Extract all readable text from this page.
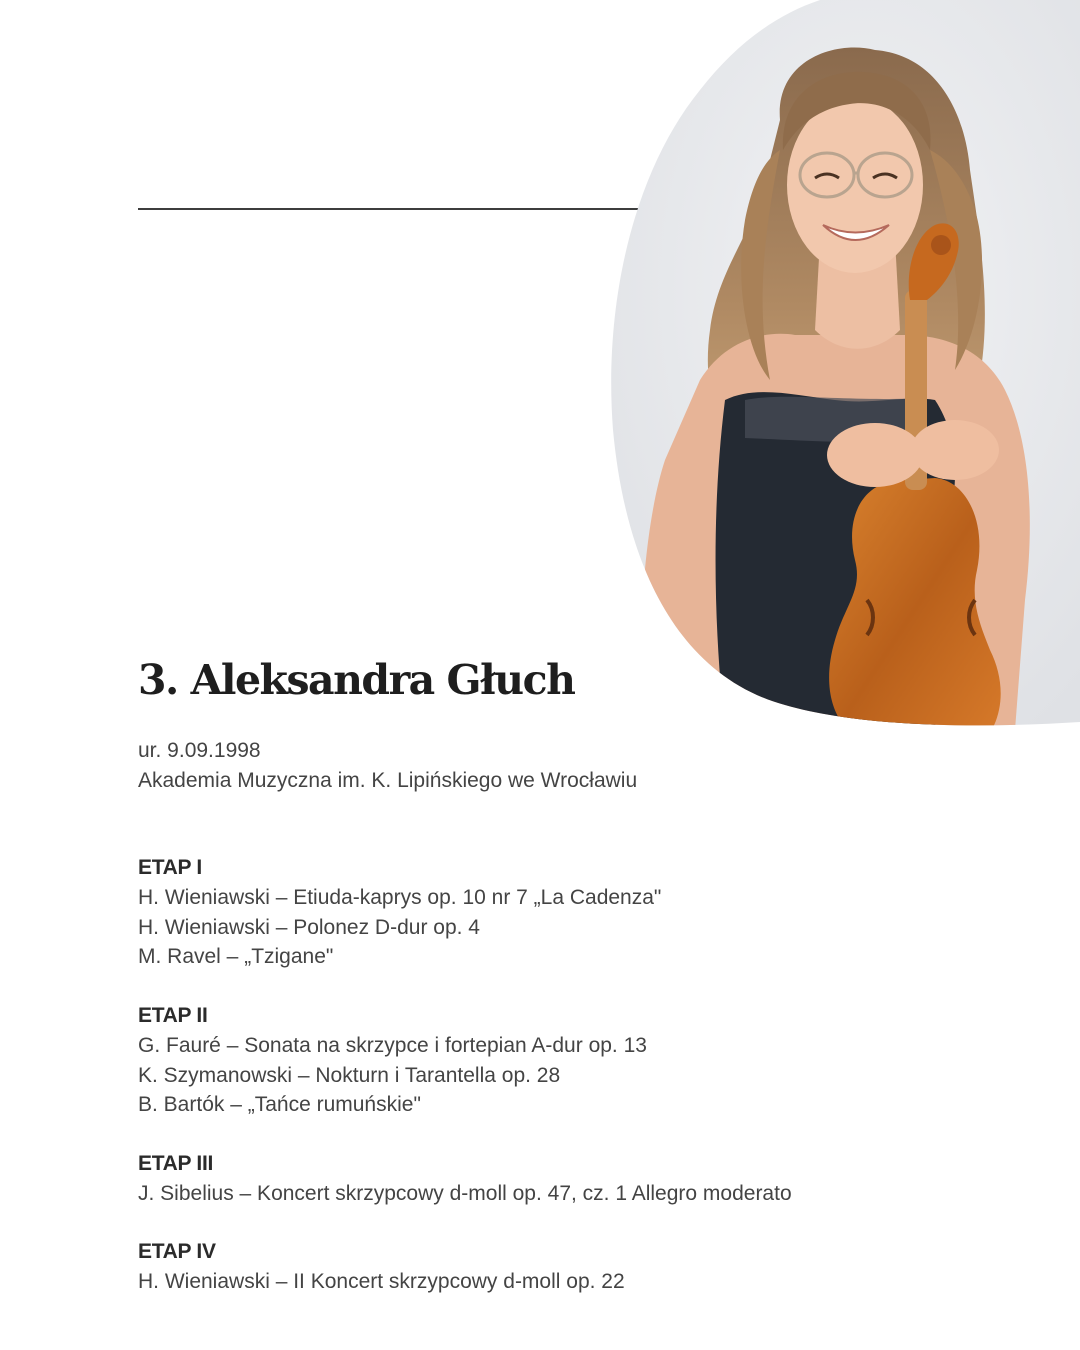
3. Aleksandra Głuch
ur. 9.09.1998
Akademia Muzyczna im. K. Lipińskiego we Wrocławiu
ETAP I
H. Wieniawski – Etiuda-kaprys op. 10 nr 7 „La Cadenza"
H. Wieniawski – Polonez D-dur op. 4
M. Ravel – „Tzigane"
ETAP II
G. Fauré – Sonata na skrzypce i fortepian A-dur op. 13
K. Szymanowski – Nokturn i Tarantella op. 28
B. Bartók – „Tańce rumuńskie"
ETAP III
J. Sibelius – Koncert skrzypcowy d-moll op. 47, cz. 1 Allegro moderato
ETAP IV
H. Wieniawski – II Koncert skrzypcowy d-moll op. 22
